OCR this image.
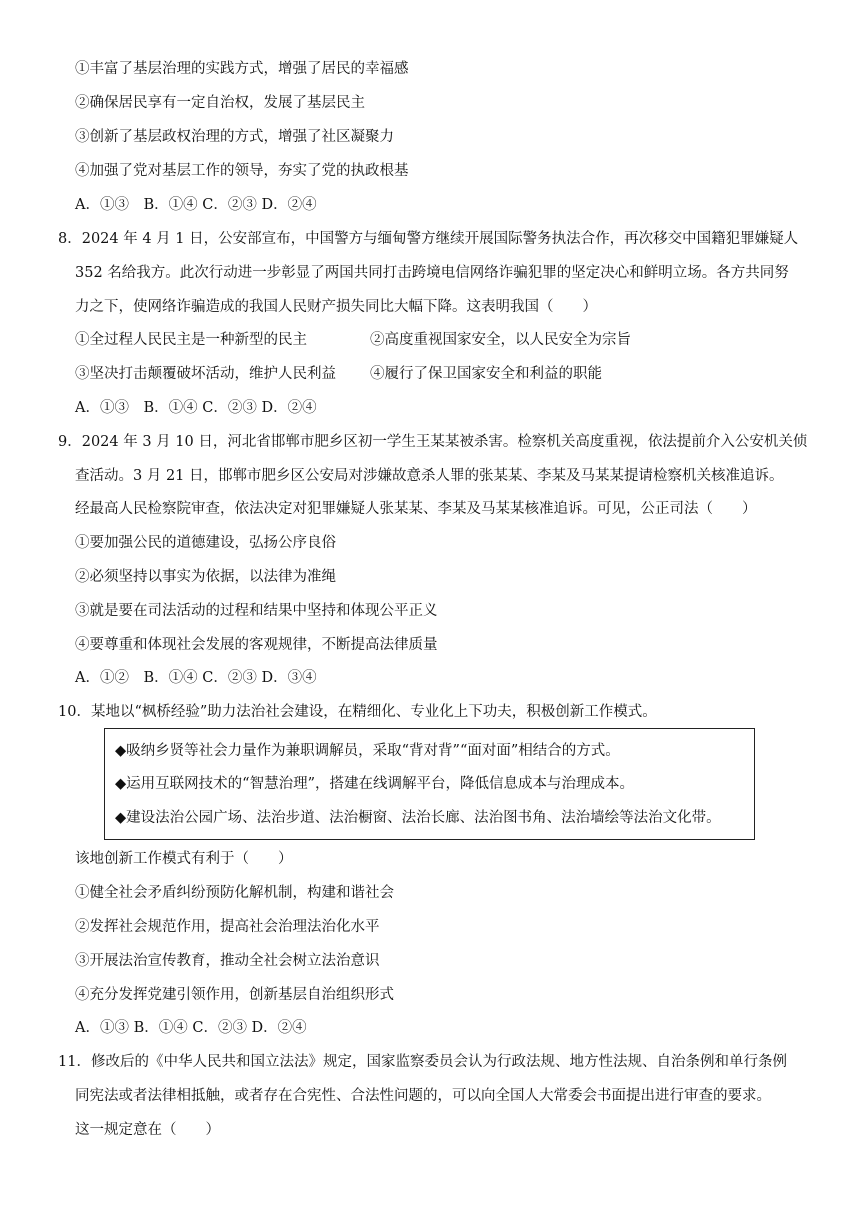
①丰富了基层治理的实践方式，增强了居民的幸福感
②确保居民享有一定自治权，发展了基层民主
③创新了基层政权治理的方式，增强了社区凝聚力
④加强了党对基层工作的领导，夯实了党的执政根基
A．①③　B．①④ C．②③ D．②④
8．2024 年 4 月 1 日，公安部宣布，中国警方与缅甸警方继续开展国际警务执法合作，再次移交中国籍犯罪嫌疑人
352 名给我方。此次行动进一步彰显了两国共同打击跨境电信网络诈骗犯罪的坚定决心和鲜明立场。各方共同努
力之下，使网络诈骗造成的我国人民财产损失同比大幅下降。这表明我国（　　）
①全过程人民民主是一种新型的民主	②高度重视国家安全，以人民安全为宗旨
③坚决打击颠覆破坏活动，维护人民利益 ④履行了保卫国家安全和利益的职能
A．①③　B．①④ C．②③ D．②④
9．2024 年 3 月 10 日，河北省邯郸市肥乡区初一学生王某某被杀害。检察机关高度重视，依法提前介入公安机关侦
查活动。3 月 21 日，邯郸市肥乡区公安局对涉嫌故意杀人罪的张某某、李某及马某某提请检察机关核准追诉。
经最高人民检察院审查，依法决定对犯罪嫌疑人张某某、李某及马某某核准追诉。可见，公正司法（　　）
①要加强公民的道德建设，弘扬公序良俗
②必须坚持以事实为依据，以法律为准绳
③就是要在司法活动的过程和结果中坚持和体现公平正义
④要尊重和体现社会发展的客观规律，不断提高法律质量
A．①②　B．①④ C．②③ D．③④
10．某地以“枫桥经验”助力法治社会建设，在精细化、专业化上下功夫，积极创新工作模式。
◆吸纳乡贤等社会力量作为兼职调解员，采取“背对背”“面对面”相结合的方式。
◆运用互联网技术的“智慧治理”，搭建在线调解平台，降低信息成本与治理成本。
◆建设法治公园广场、法治步道、法治橱窗、法治长廊、法治图书角、法治墙绘等法治文化带。
该地创新工作模式有利于（　　）
①健全社会矛盾纠纷预防化解机制，构建和谐社会
②发挥社会规范作用，提高社会治理法治化水平
③开展法治宣传教育，推动全社会树立法治意识
④充分发挥党建引领作用，创新基层自治组织形式
A．①③ B．①④ C．②③ D．②④
11．修改后的《中华人民共和国立法法》规定，国家监察委员会认为行政法规、地方性法规、自治条例和单行条例
同宪法或者法律相抵触，或者存在合宪性、合法性问题的，可以向全国人大常委会书面提出进行审查的要求。
这一规定意在（　　）
